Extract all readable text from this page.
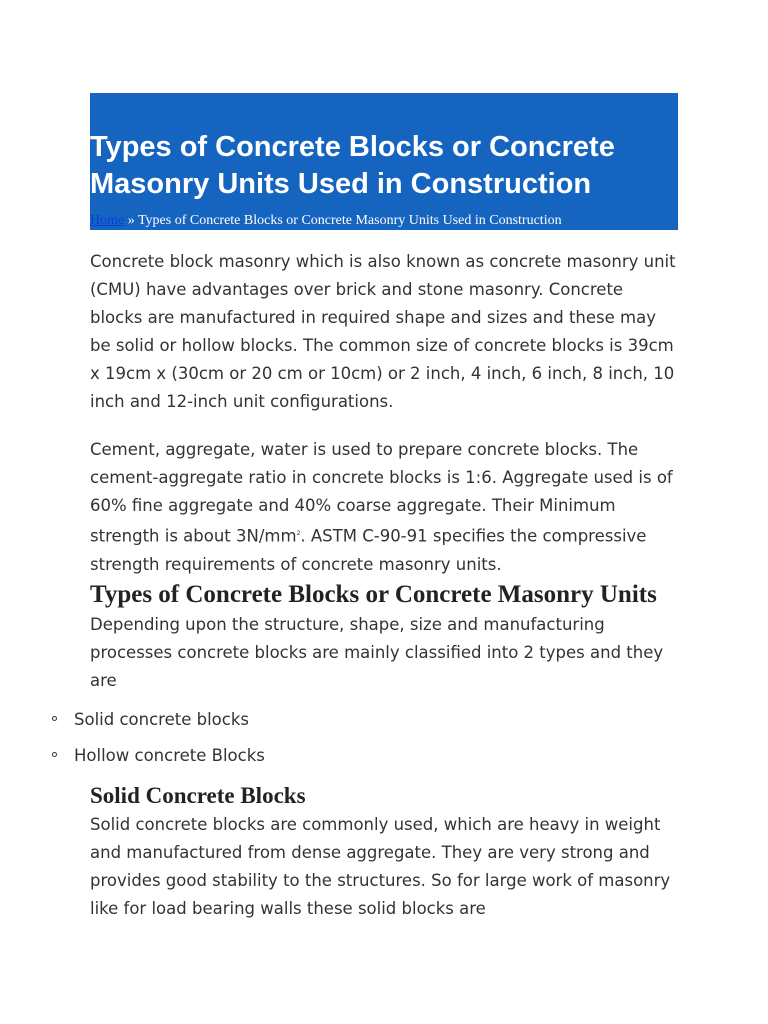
Types of Concrete Blocks or Concrete Masonry Units Used in Construction
Home » Types of Concrete Blocks or Concrete Masonry Units Used in Construction

Concrete block masonry which is also known as concrete masonry unit (CMU) have advantages over brick and stone masonry. Concrete blocks are manufactured in required shape and sizes and these may be solid or hollow blocks. The common size of concrete blocks is 39cm x 19cm x (30cm or 20 cm or 10cm) or 2 inch, 4 inch, 6 inch, 8 inch, 10 inch and 12-inch unit configurations.

Cement, aggregate, water is used to prepare concrete blocks. The cement-aggregate ratio in concrete blocks is 1:6. Aggregate used is of 60% fine aggregate and 40% coarse aggregate. Their Minimum strength is about $3N/mm^2$. ASTM C-90-91 specifies the compressive strength requirements of concrete masonry units.

Types of Concrete Blocks or Concrete Masonry Units

Depending upon the structure, shape, size and manufacturing processes concrete blocks are mainly classified into 2 types and they are

Solid concrete blocks
Hollow concrete Blocks
Solid Concrete Blocks

Solid concrete blocks are commonly used, which are heavy in weight and manufactured from dense aggregate. They are very strong and provides good stability to the structures. So for large work of masonry like for load bearing walls these solid blocks are
